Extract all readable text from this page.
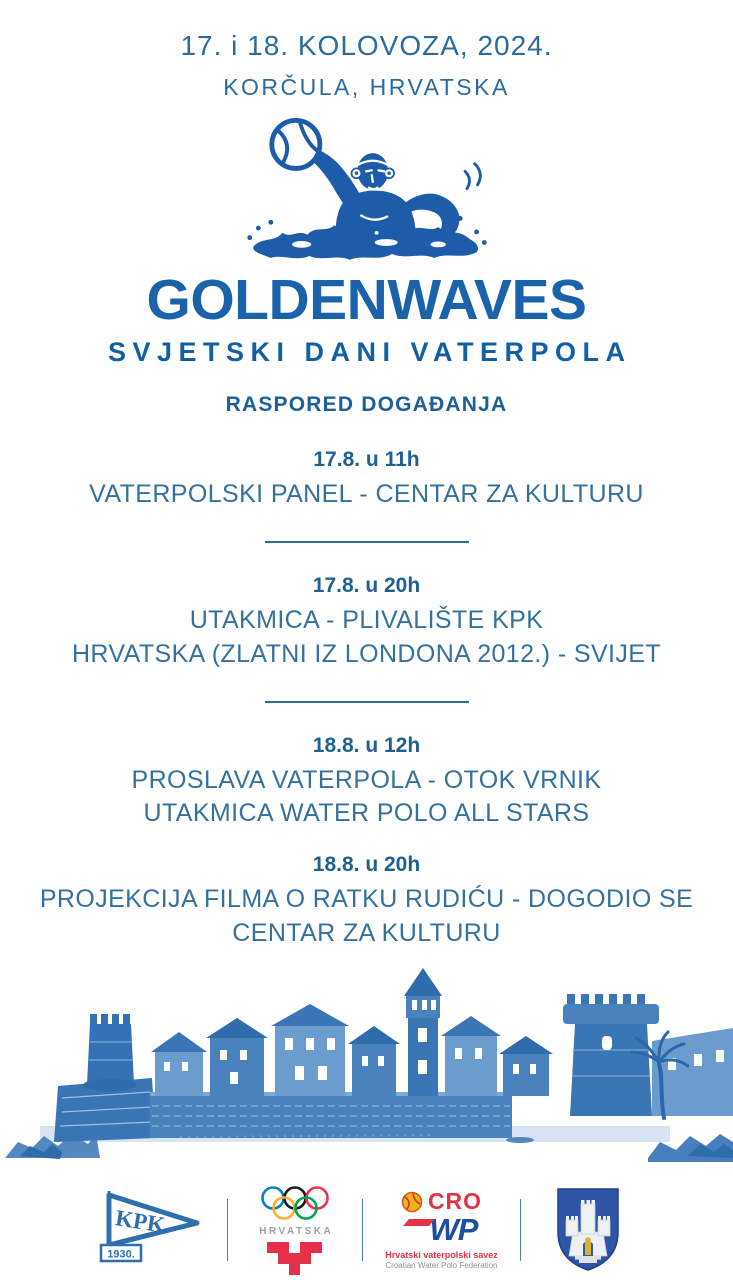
17. i 18. KOLOVOZA, 2024.
KORČULA, HRVATSKA
GOLDENWAVES
SVJETSKI DANI VATERPOLA
RASPORED DOGAĐANJA
17.8. u 11h
VATERPOLSKI PANEL - CENTAR ZA KULTURU
17.8. u 20h
UTAKMICA - PLIVALIŠTE KPK
HRVATSKA (ZLATNI IZ LONDONA 2012.) - SVIJET
18.8. u 12h
PROSLAVA VATERPOLA - OTOK VRNIK
UTAKMICA WATER POLO ALL STARS
18.8. u 20h
PROJEKCIJA FILMA O RATKU RUDIĆU - DOGODIO SE
CENTAR ZA KULTURU
KPK
1930.
HRVATSKA
CRO
WP
Hrvatski vaterpolski savez
Croatian Water Polo Federation
